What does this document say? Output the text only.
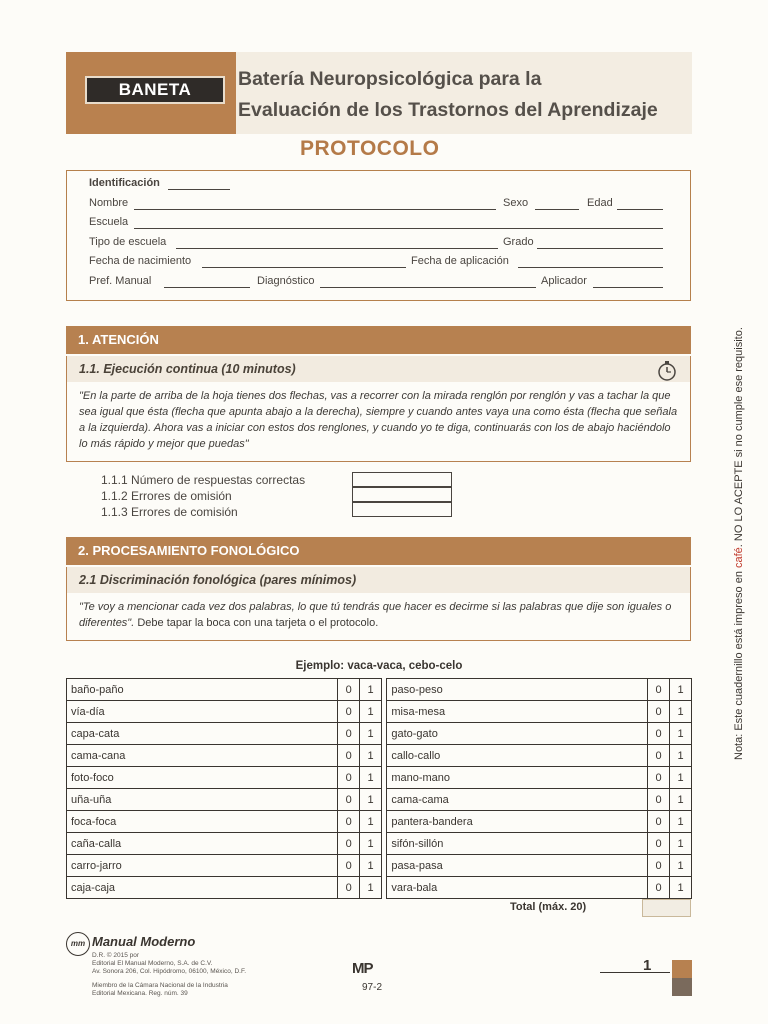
BANETA	Batería Neuropsicológica para la
Evaluación de los Trastornos del Aprendizaje
PROTOCOLO
Identificación
Nombre	Sexo	Edad
Escuela
Tipo de escuela	Grado
Fecha de nacimiento	Fecha de aplicación
Pref. Manual	Diagnóstico	Aplicador
1. ATENCIÓN
1.1. Ejecución continua (10 minutos)
"En la parte de arriba de la hoja tienes dos flechas, vas a recorrer con la mirada renglón por renglón y vas a tachar la que sea igual que ésta (flecha que apunta abajo a la derecha), siempre y cuando antes vaya una como ésta (flecha que señala a la izquierda). Ahora vas a iniciar con estos dos renglones, y cuando yo te diga, continuarás con los de abajo haciéndolo lo más rápido y mejor que puedas"
1.1.1 Número de respuestas correctas
1.1.2 Errores de omisión
1.1.3 Errores de comisión
2. PROCESAMIENTO FONOLÓGICO
2.1 Discriminación fonológica (pares mínimos)
"Te voy a mencionar cada vez dos palabras, lo que tú tendrás que hacer es decirme si las palabras que dije son iguales o diferentes". Debe tapar la boca con una tarjeta o el protocolo.
Ejemplo: vaca-vaca, cebo-celo
baño-paño	0	1		paso-peso	0	1
vía-día	0	1		misa-mesa	0	1
capa-cata	0	1		gato-gato	0	1
cama-cana	0	1		callo-callo	0	1
foto-foco	0	1		mano-mano	0	1
uña-uña	0	1		cama-cama	0	1
foca-foca	0	1		pantera-bandera	0	1
caña-calla	0	1		sifón-sillón	0	1
carro-jarro	0	1		pasa-pasa	0	1
caja-caja	0	1		vara-bala	0	1
Total (máx. 20)
mm Manual Moderno
D.R. © 2015 por
Editorial El Manual Moderno, S.A. de C.V.
Av. Sonora 206, Col. Hipódromo, 06100, México, D.F.
Miembro de la Cámara Nacional de la Industria
Editorial Mexicana. Reg. núm. 39
MP
97-2
1
Nota: Este cuadernillo está impreso en café. NO LO ACEPTE si no cumple ese requisito.
